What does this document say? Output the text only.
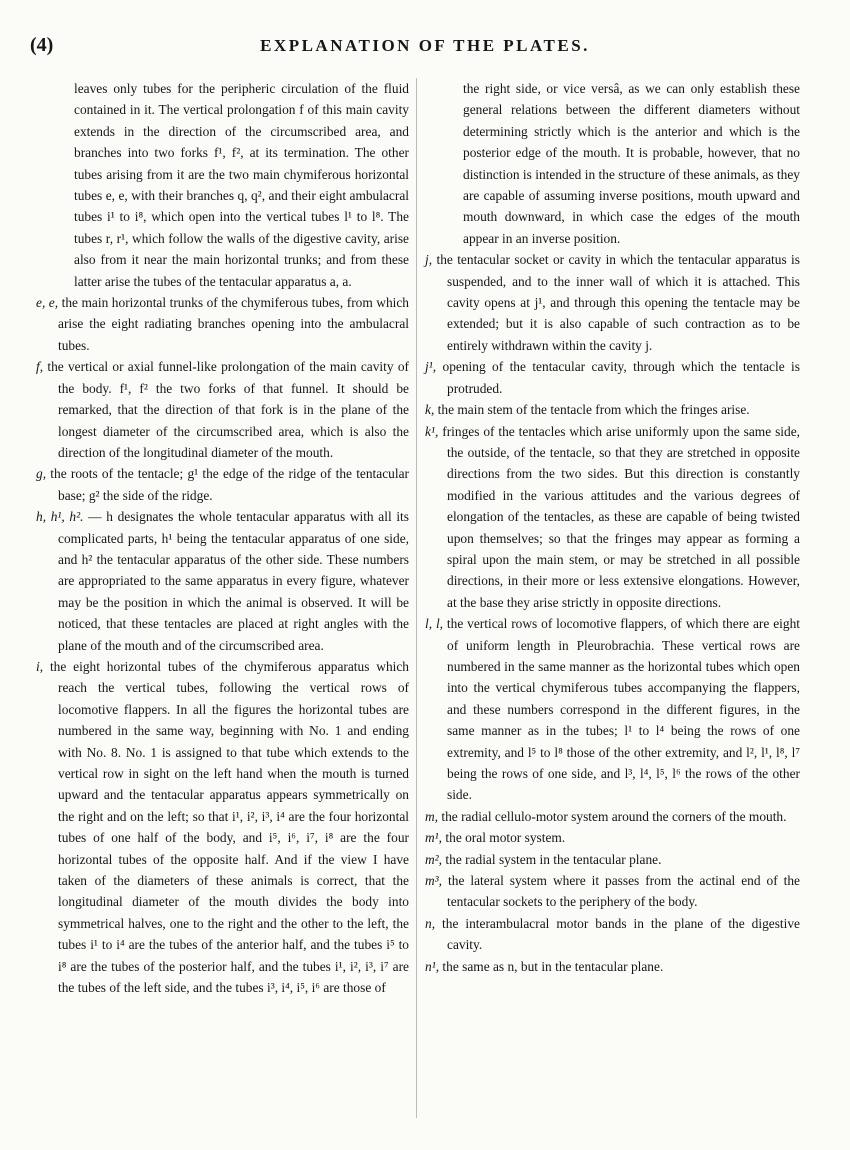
(4)	EXPLANATION OF THE PLATES.

leaves only tubes for the peripheric circulation of the fluid contained in it. The vertical prolongation f of this main cavity extends in the direction of the circumscribed area, and branches into two forks f¹, f², at its termination. The other tubes arising from it are the two main chymiferous horizontal tubes e, e, with their branches q, q², and their eight ambulacral tubes i¹ to i⁸, which open into the vertical tubes l¹ to l⁸. The tubes r, r¹, which follow the walls of the digestive cavity, arise also from it near the main horizontal trunks; and from these latter arise the tubes of the tentacular apparatus a, a.

e, e, the main horizontal trunks of the chymiferous tubes, from which arise the eight radiating branches opening into the ambulacral tubes.

f, the vertical or axial funnel-like prolongation of the main cavity of the body. f¹, f² the two forks of that funnel. It should be remarked, that the direction of that fork is in the plane of the longest diameter of the circumscribed area, which is also the direction of the longitudinal diameter of the mouth.

g, the roots of the tentacle; g¹ the edge of the ridge of the tentacular base; g² the side of the ridge.

h, h¹, h². — h designates the whole tentacular apparatus with all its complicated parts, h¹ being the tentacular apparatus of one side, and h² the tentacular apparatus of the other side. These numbers are appropriated to the same apparatus in every figure, whatever may be the position in which the animal is observed. It will be noticed, that these tentacles are placed at right angles with the plane of the mouth and of the circumscribed area.

i, the eight horizontal tubes of the chymiferous apparatus which reach the vertical tubes, following the vertical rows of locomotive flappers. In all the figures the horizontal tubes are numbered in the same way, beginning with No. 1 and ending with No. 8. No. 1 is assigned to that tube which extends to the vertical row in sight on the left hand when the mouth is turned upward and the tentacular apparatus appears symmetrically on the right and on the left; so that i¹, i², i³, i⁴ are the four horizontal tubes of one half of the body, and i⁵, i⁶, i⁷, i⁸ are the four horizontal tubes of the opposite half. And if the view I have taken of the diameters of these animals is correct, that the longitudinal diameter of the mouth divides the body into symmetrical halves, one to the right and the other to the left, the tubes i¹ to i⁴ are the tubes of the anterior half, and the tubes i⁵ to i⁸ are the tubes of the posterior half, and the tubes i¹, i², i³, i⁷ are the tubes of the left side, and the tubes i³, i⁴, i⁵, i⁶ are those of

the right side, or vice versâ, as we can only establish these general relations between the different diameters without determining strictly which is the anterior and which is the posterior edge of the mouth. It is probable, however, that no distinction is intended in the structure of these animals, as they are capable of assuming inverse positions, mouth upward and mouth downward, in which case the edges of the mouth appear in an inverse position.

j, the tentacular socket or cavity in which the tentacular apparatus is suspended, and to the inner wall of which it is attached. This cavity opens at j¹, and through this opening the tentacle may be extended; but it is also capable of such contraction as to be entirely withdrawn within the cavity j.

j¹, opening of the tentacular cavity, through which the tentacle is protruded.

k, the main stem of the tentacle from which the fringes arise.

k¹, fringes of the tentacles which arise uniformly upon the same side, the outside, of the tentacle, so that they are stretched in opposite directions from the two sides. But this direction is constantly modified in the various attitudes and the various degrees of elongation of the tentacles, as these are capable of being twisted upon themselves; so that the fringes may appear as forming a spiral upon the main stem, or may be stretched in all possible directions, in their more or less extensive elongations. However, at the base they arise strictly in opposite directions.

l, l, the vertical rows of locomotive flappers, of which there are eight of uniform length in Pleurobrachia. These vertical rows are numbered in the same manner as the horizontal tubes which open into the vertical chymiferous tubes accompanying the flappers, and these numbers correspond in the different figures, in the same manner as in the tubes; l¹ to l⁴ being the rows of one extremity, and l⁵ to l⁸ those of the other extremity, and l², l¹, l⁸, l⁷ being the rows of one side, and l³, l⁴, l⁵, l⁶ the rows of the other side.

m, the radial cellulo-motor system around the corners of the mouth.

m¹, the oral motor system.

m², the radial system in the tentacular plane.

m³, the lateral system where it passes from the actinal end of the tentacular sockets to the periphery of the body.

n, the interambulacral motor bands in the plane of the digestive cavity.

n¹, the same as n, but in the tentacular plane.
